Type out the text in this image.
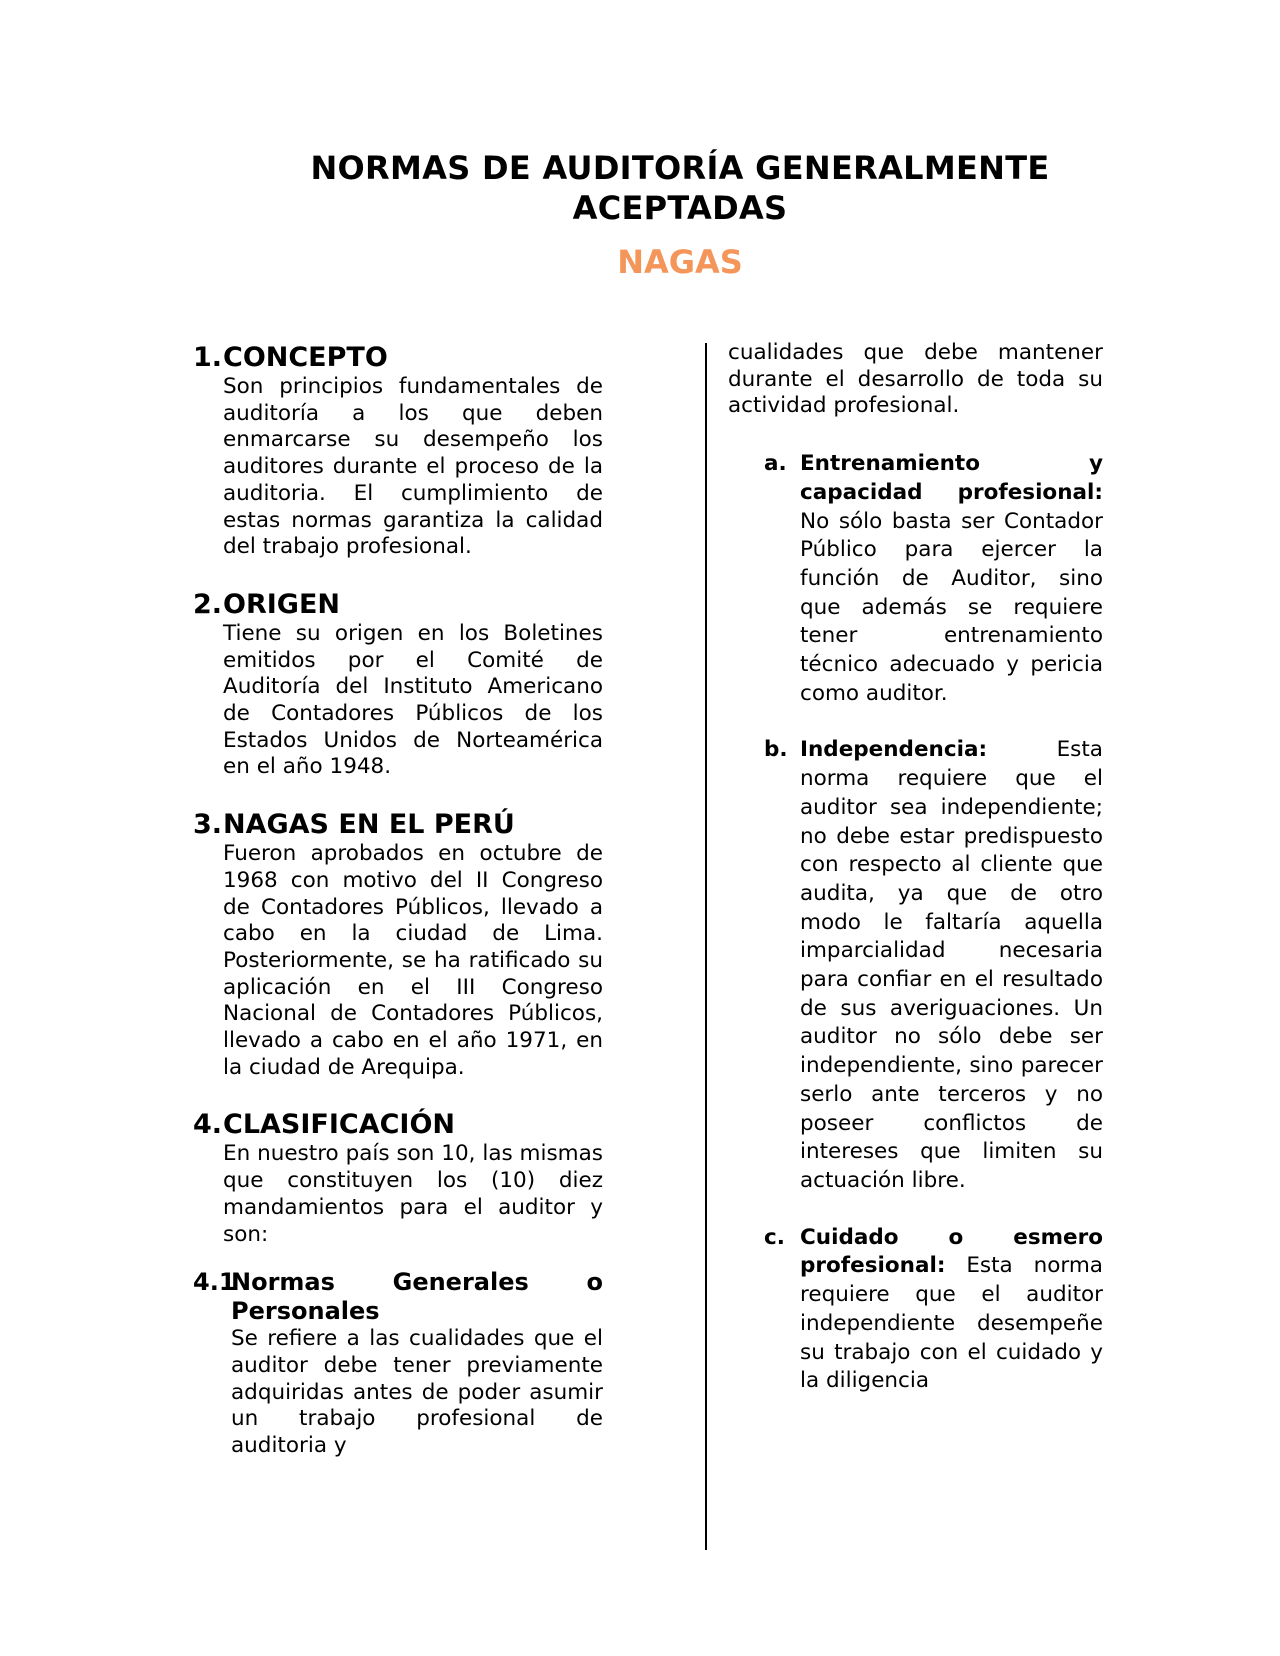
NORMAS DE AUDITORÍA GENERALMENTE ACEPTADAS
NAGAS
1. CONCEPTO
Son principios fundamentales de auditoría a los que deben enmarcarse su desempeño los auditores durante el proceso de la auditoria. El cumplimiento de estas normas garantiza la calidad del trabajo profesional.
2. ORIGEN
Tiene su origen en los Boletines emitidos por el Comité de Auditoría del Instituto Americano de Contadores Públicos de los Estados Unidos de Norteamérica en el año 1948.
3. NAGAS EN EL PERÚ
Fueron aprobados en octubre de 1968 con motivo del II Congreso de Contadores Públicos, llevado a cabo en la ciudad de Lima. Posteriormente, se ha ratificado su aplicación en el III Congreso Nacional de Contadores Públicos, llevado a cabo en el año 1971, en la ciudad de Arequipa.
4. CLASIFICACIÓN
En nuestro país son 10, las mismas que constituyen los (10) diez mandamientos para el auditor y son:
4.1
Normas Generales o
Personales
Se refiere a las cualidades que el auditor debe tener previamente adquiridas antes de poder asumir un trabajo profesional de auditoria y
cualidades que debe mantener durante el desarrollo de toda su actividad profesional.
a. Entrenamiento y capacidad profesional: No sólo basta ser Contador Público para ejercer la función de Auditor, sino que además se requiere tener entrenamiento técnico adecuado y pericia como auditor.
b. Independencia:	Esta norma requiere que el auditor sea independiente; no debe estar predispuesto con respecto al cliente que audita, ya que de otro modo le faltaría aquella imparcialidad necesaria para confiar en el resultado de sus averiguaciones. Un auditor no sólo debe ser independiente, sino parecer serlo ante terceros y no poseer conflictos de intereses que limiten su actuación libre.
c. Cuidado o esmero profesional: Esta norma requiere que el auditor independiente desempeñe su trabajo con el cuidado y la diligencia
